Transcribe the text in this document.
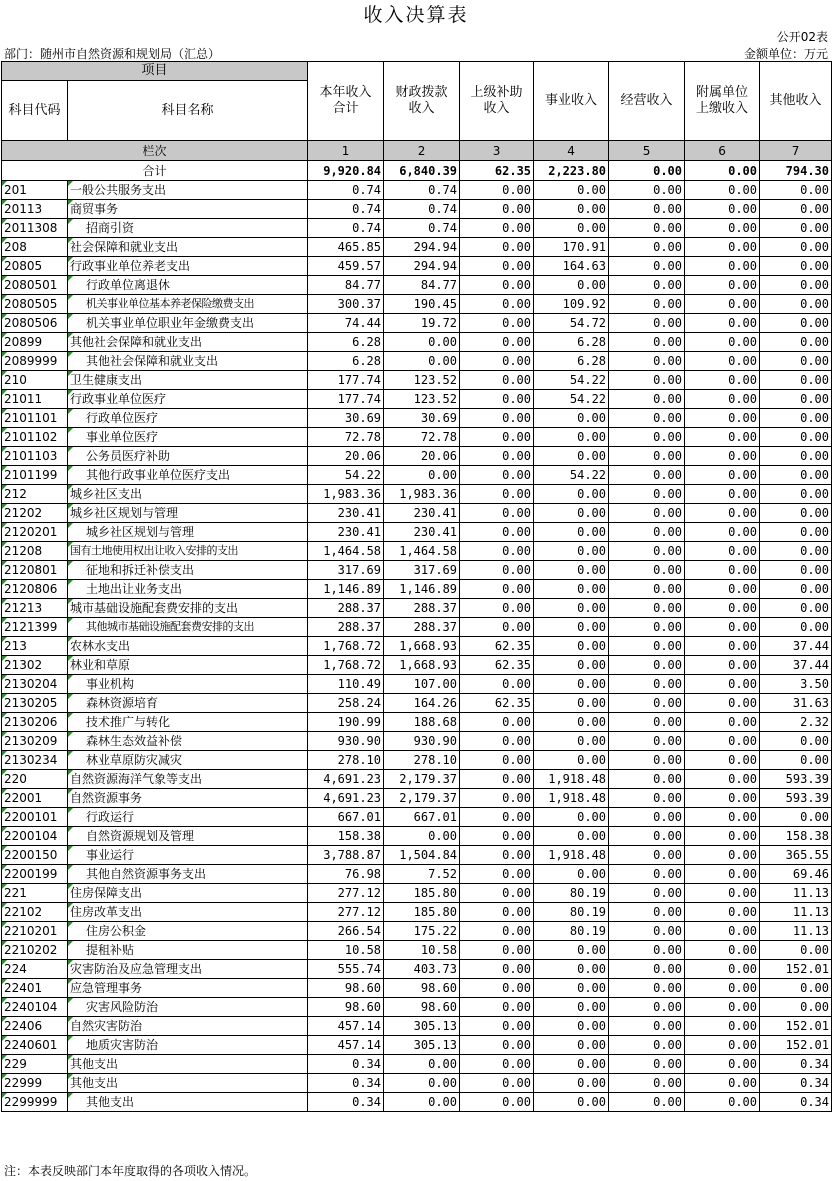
收入决算表
公开02表
部门：随州市自然资源和规划局（汇总）	金额单位：万元
项目		本年收入合计	财政拨款收入	上级补助收入	事业收入	经营收入	附属单位上缴收入	其他收入
科目代码	科目名称							
栏次		1	2	3	4	5	6	7
合计		9,920.84	6,840.39	62.35	2,223.80	0.00	0.00	794.30
201	一般公共服务支出	0.74	0.74	0.00	0.00	0.00	0.00	0.00
20113	商贸事务	0.74	0.74	0.00	0.00	0.00	0.00	0.00
2011308	招商引资	0.74	0.74	0.00	0.00	0.00	0.00	0.00
208	社会保障和就业支出	465.85	294.94	0.00	170.91	0.00	0.00	0.00
20805	行政事业单位养老支出	459.57	294.94	0.00	164.63	0.00	0.00	0.00
2080501	行政单位离退休	84.77	84.77	0.00	0.00	0.00	0.00	0.00
2080505	机关事业单位基本养老保险缴费支出	300.37	190.45	0.00	109.92	0.00	0.00	0.00
2080506	机关事业单位职业年金缴费支出	74.44	19.72	0.00	54.72	0.00	0.00	0.00
20899	其他社会保障和就业支出	6.28	0.00	0.00	6.28	0.00	0.00	0.00
2089999	其他社会保障和就业支出	6.28	0.00	0.00	6.28	0.00	0.00	0.00
210	卫生健康支出	177.74	123.52	0.00	54.22	0.00	0.00	0.00
21011	行政事业单位医疗	177.74	123.52	0.00	54.22	0.00	0.00	0.00
2101101	行政单位医疗	30.69	30.69	0.00	0.00	0.00	0.00	0.00
2101102	事业单位医疗	72.78	72.78	0.00	0.00	0.00	0.00	0.00
2101103	公务员医疗补助	20.06	20.06	0.00	0.00	0.00	0.00	0.00
2101199	其他行政事业单位医疗支出	54.22	0.00	0.00	54.22	0.00	0.00	0.00
212	城乡社区支出	1,983.36	1,983.36	0.00	0.00	0.00	0.00	0.00
21202	城乡社区规划与管理	230.41	230.41	0.00	0.00	0.00	0.00	0.00
2120201	城乡社区规划与管理	230.41	230.41	0.00	0.00	0.00	0.00	0.00
21208	国有土地使用权出让收入安排的支出	1,464.58	1,464.58	0.00	0.00	0.00	0.00	0.00
2120801	征地和拆迁补偿支出	317.69	317.69	0.00	0.00	0.00	0.00	0.00
2120806	土地出让业务支出	1,146.89	1,146.89	0.00	0.00	0.00	0.00	0.00
21213	城市基础设施配套费安排的支出	288.37	288.37	0.00	0.00	0.00	0.00	0.00
2121399	其他城市基础设施配套费安排的支出	288.37	288.37	0.00	0.00	0.00	0.00	0.00
213	农林水支出	1,768.72	1,668.93	62.35	0.00	0.00	0.00	37.44
21302	林业和草原	1,768.72	1,668.93	62.35	0.00	0.00	0.00	37.44
2130204	事业机构	110.49	107.00	0.00	0.00	0.00	0.00	3.50
2130205	森林资源培育	258.24	164.26	62.35	0.00	0.00	0.00	31.63
2130206	技术推广与转化	190.99	188.68	0.00	0.00	0.00	0.00	2.32
2130209	森林生态效益补偿	930.90	930.90	0.00	0.00	0.00	0.00	0.00
2130234	林业草原防灾减灾	278.10	278.10	0.00	0.00	0.00	0.00	0.00
220	自然资源海洋气象等支出	4,691.23	2,179.37	0.00	1,918.48	0.00	0.00	593.39
22001	自然资源事务	4,691.23	2,179.37	0.00	1,918.48	0.00	0.00	593.39
2200101	行政运行	667.01	667.01	0.00	0.00	0.00	0.00	0.00
2200104	自然资源规划及管理	158.38	0.00	0.00	0.00	0.00	0.00	158.38
2200150	事业运行	3,788.87	1,504.84	0.00	1,918.48	0.00	0.00	365.55
2200199	其他自然资源事务支出	76.98	7.52	0.00	0.00	0.00	0.00	69.46
221	住房保障支出	277.12	185.80	0.00	80.19	0.00	0.00	11.13
22102	住房改革支出	277.12	185.80	0.00	80.19	0.00	0.00	11.13
2210201	住房公积金	266.54	175.22	0.00	80.19	0.00	0.00	11.13
2210202	提租补贴	10.58	10.58	0.00	0.00	0.00	0.00	0.00
224	灾害防治及应急管理支出	555.74	403.73	0.00	0.00	0.00	0.00	152.01
22401	应急管理事务	98.60	98.60	0.00	0.00	0.00	0.00	0.00
2240104	灾害风险防治	98.60	98.60	0.00	0.00	0.00	0.00	0.00
22406	自然灾害防治	457.14	305.13	0.00	0.00	0.00	0.00	152.01
2240601	地质灾害防治	457.14	305.13	0.00	0.00	0.00	0.00	152.01
229	其他支出	0.34	0.00	0.00	0.00	0.00	0.00	0.34
22999	其他支出	0.34	0.00	0.00	0.00	0.00	0.00	0.34
2299999	其他支出	0.34	0.00	0.00	0.00	0.00	0.00	0.34
注：本表反映部门本年度取得的各项收入情况。
